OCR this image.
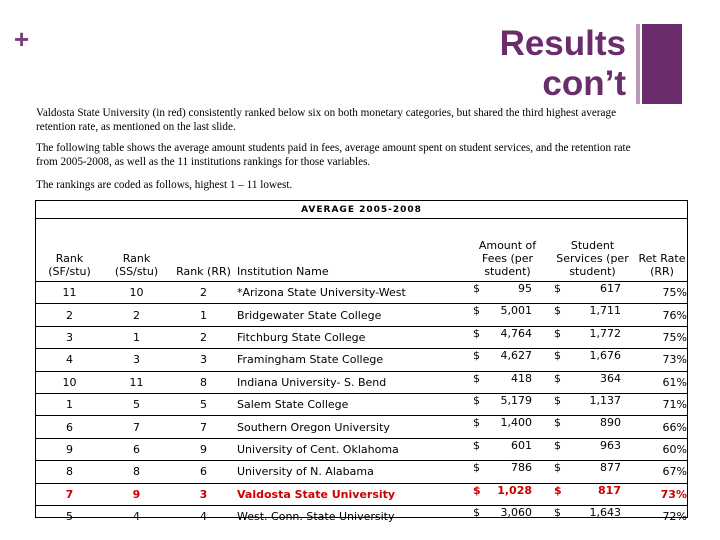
+	Results
con’t
Valdosta State University (in red) consistently ranked below six on both monetary categories, but shared the third highest average retention rate, as mentioned on the last slide.
The following table shows the average amount students paid in fees, average amount spent on student services, and the retention rate from 2005-2008, as well as the 11 institutions rankings for those variables.
The rankings are coded as follows, highest 1 – 11 lowest.
AVERAGE 2005-2008
Rank (SF/stu)	Rank (SS/stu)	Rank (RR)	Institution Name	Amount of Fees (per student)	Student Services (per student)	Ret Rate (RR)
11	10	2	*Arizona State University-West	$ 95	$ 617	75%
2	2	1	Bridgewater State College	$ 5,001	$ 1,711	76%
3	1	2	Fitchburg State College	$ 4,764	$ 1,772	75%
4	3	3	Framingham State College	$ 4,627	$ 1,676	73%
10	11	8	Indiana University- S. Bend	$ 418	$ 364	61%
1	5	5	Salem State College	$ 5,179	$ 1,137	71%
6	7	7	Southern Oregon University	$ 1,400	$ 890	66%
9	6	9	University of Cent. Oklahoma	$ 601	$ 963	60%
8	8	6	University of N. Alabama	$ 786	$ 877	67%
7	9	3	Valdosta State University	$ 1,028	$ 817	73%
5	4	4	West. Conn. State University	$ 3,060	$ 1,643	72%
